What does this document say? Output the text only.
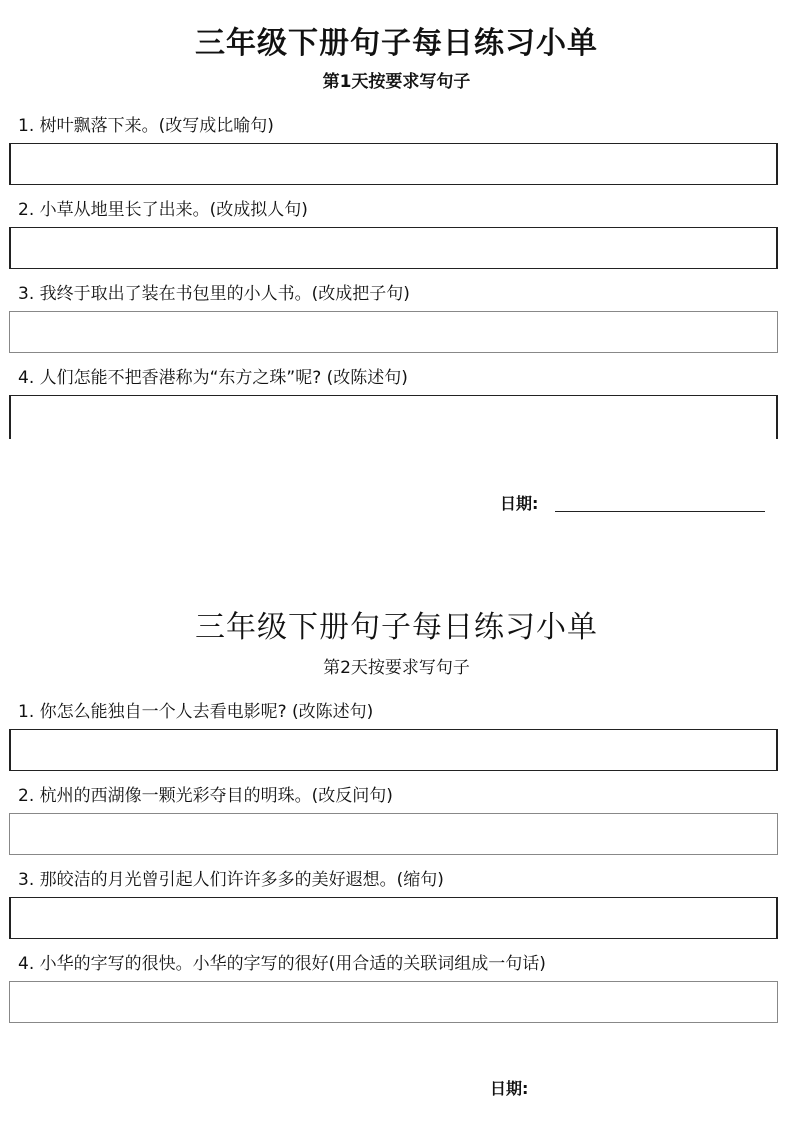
三年级下册句子每日练习小单
第1天按要求写句子
1. 树叶飘落下来。(改写成比喻句)
2. 小草从地里长了出来。(改成拟人句)
3. 我终于取出了装在书包里的小人书。(改成把子句)
4. 人们怎能不把香港称为“东方之珠”呢? (改陈述句)
日期:
三年级下册句子每日练习小单
第2天按要求写句子
1. 你怎么能独自一个人去看电影呢? (改陈述句)
2. 杭州的西湖像一颗光彩夺目的明珠。(改反问句)
3. 那皎洁的月光曾引起人们许许多多的美好遐想。(缩句)
4. 小华的字写的很快。小华的字写的很好(用合适的关联词组成一句话)
日期:
